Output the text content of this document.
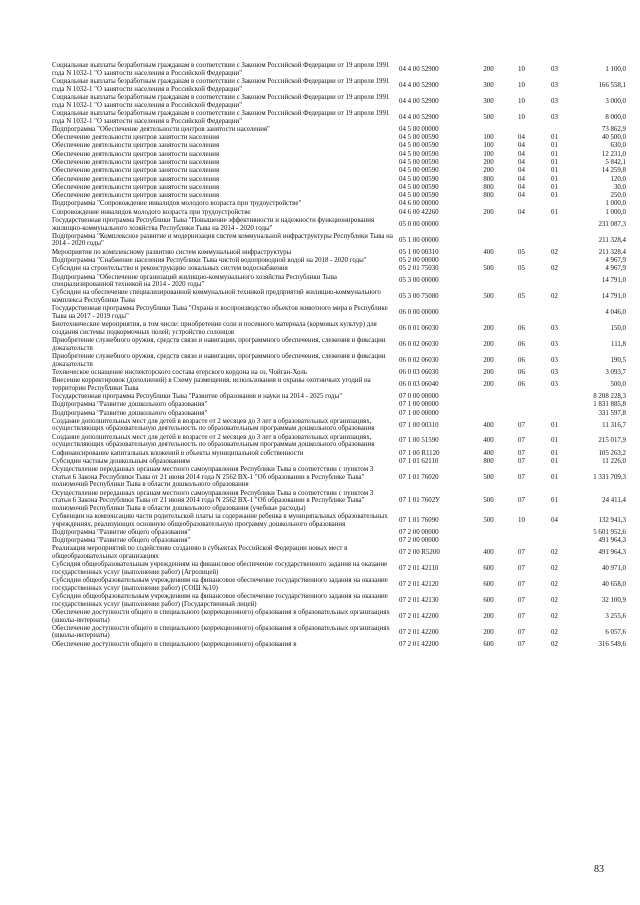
Социальные выплаты безработным гражданам в соответствии с Законом Российской Федерации от 19 апреля 1991 года N 1032-1 "О занятости населения в Российской Федерации"	04 4 00 52900	200	10	03	1 100,0
Социальные выплаты безработным гражданам в соответствии с Законом Российской Федерации от 19 апреля 1991 года N 1032-1 "О занятости населения в Российской Федерации"	04 4 00 52900	300	10	03	166 558,1
Социальные выплаты безработным гражданам в соответствии с Законом Российской Федерации от 19 апреля 1991 года N 1032-1 "О занятости населения в Российской Федерации"	04 4 00 52900	300	10	03	3 000,0
Социальные выплаты безработным гражданам в соответствии с Законом Российской Федерации от 19 апреля 1991 года N 1032-1 "О занятости населения в Российской Федерации"	04 4 00 52900	500	10	03	8 000,0
Подпрограмма "Обеспечение деятельности центров занятости населения"	04 5 00 00000				73 862,9
Обеспечение деятельности центров занятости населения	04 5 00 00590	100	04	01	40 500,0
Обеспечение деятельности центров занятости населения	04 5 00 00590	100	04	01	630,0
Обеспечение деятельности центров занятости населения	04 5 00 00590	100	04	01	12 231,0
Обеспечение деятельности центров занятости населения	04 5 00 00590	200	04	01	5 842,1
Обеспечение деятельности центров занятости населения	04 5 00 00590	200	04	01	14 259,8
Обеспечение деятельности центров занятости населения	04 5 00 00590	800	04	01	120,0
Обеспечение деятельности центров занятости населения	04 5 00 00590	800	04	01	30,0
Обеспечение деятельности центров занятости населения	04 5 00 00590	800	04	01	250,0
Подпрограмма "Сопровождение инвалидов молодого возраста при трудоустройстве"	04 6 00 00000				1 000,0
Сопровождение инвалидов молодого возраста при трудоустройстве	04 6 00 42260	200	04	01	1 000,0
Государственная программа Республики Тыва "Повышение эффективности и надежности функционирования жилищно-коммунального хозяйства Республики Тыва на 2014 - 2020 годы"	05 0 00 00000				231 087,3
Подпрограмма "Комплексное развитие и модернизация систем коммунальной инфраструктуры Республики Тыва на 2014 - 2020 годы"	05 1 00 00000				211 328,4
Мероприятия по комплексному развитию систем коммунальной инфраструктуры	05 1 00 00310	400	05	02	211 328,4
Подпрограмма "Снабжение населения Республики Тыва чистой водопроводной водой на 2018 - 2020 годы"	05 2 00 00000				4 967,9
Субсидии на строительство и реконструкцию локальных систем водоснабжения	05 2 01 75030	500	05	02	4 967,9
Подпрограмма "Обеспечение организаций жилищно-коммунального хозяйства Республики Тыва специализированной техникой на 2014 - 2020 годы"	05 3 00 00000				14 791,0
Субсидии на обеспечение специализированной коммунальной техникой предприятий жилищно-коммунального комплекса Республики Тыва	05 3 00 75080	500	05	02	14 791,0
Государственная программа Республики Тыва "Охрана и воспроизводство объектов животного мира в Республике Тыва на 2017 - 2019 годы"	06 0 00 00000				4 046,0
Биотехнические мероприятия, в том числе: приобретение соли и посевного материала (кормовых культур) для создания системы подкормочных полей; устройство солонцов	06 0 01 06030	200	06	03	150,0
Приобретение служебного оружия, средств связи и навигации, программного обеспечения, слежения и фиксации доказательств	06 0 02 06030	200	06	03	111,8
Приобретение служебного оружия, средств связи и навигации, программного обеспечения, слежения и фиксации доказательств	06 0 02 06030	200	06	03	190,5
Техническое оснащение инспекторского состава егерского кордона на оз. Чойган-Холь	06 0 03 06030	200	06	03	3 093,7
Внесение корректировок (дополнений) в Схему размещения, использования и охраны охотничьих угодий на территории Республики Тыва	06 0 03 06040	200	06	03	500,0
Государственная программа Республики Тыва "Развитие образования и науки на 2014 - 2025 годы"	07 0 00 00000				8 208 228,3
Подпрограмма "Развитие дошкольного образования"	07 1 00 00000				1 831 885,8
Подпрограмма "Развитие дошкольного образования"	07 1 00 00000				331 597,8
Создание дополнительных мест для детей в возрасте от 2 месяцев до 3 лет в образовательных организациях, осуществляющих образовательную деятельность по образовательным программам дошкольного образования	07 1 00 00310	400	07	01	11 316,7
Создание дополнительных мест для детей в возрасте от 2 месяцев до 3 лет в образовательных организациях, осуществляющих образовательную деятельность по образовательным программам дошкольного образования	07 1 00 51590	400	07	01	215 017,9
Софинансирование капитальных вложений в объекты муниципальной собственности	07 1 00 R1120	400	07	01	105 263,2
Субсидии частным дошкольным образованиям	07 1 01 62110	800	07	01	11 226,0
Осуществление переданных органам местного самоуправления Республики Тыва в соответствии с пунктом 3 статьи 6 Закона Республики Тыва от 21 июня 2014 года N 2562 ВХ-1 "Об образовании в Республике Тыва" полномочий Республики Тыва в области дошкольного образования	07 1 01 76020	500	07	01	1 331 709,3
Осуществление переданных органам местного самоуправления Республики Тыва в соответствии с пунктом 3 статьи 6 Закона Республики Тыва от 21 июня 2014 года N 2562 ВХ-1 "Об образовании в Республике Тыва" полномочий Республики Тыва в области дошкольного образования (учебные расходы)	07 1 01 7602У	500	07	01	24 411,4
Субвенции на компенсацию части родительской платы за содержание ребенка в муниципальных образовательных учреждениях, реализующих основную общеобразовательную программу дошкольного образования	07 1 01 76090	500	10	04	132 941,3
Подпрограмма "Развитие общего образования"	07 2 00 00000				5 601 952,6
Подпрограмма "Развитие общего образования"	07 2 00 00000				491 964,3
Реализация мероприятий по содействию созданию в субъектах Российской Федерации новых мест в общеобразовательных организациях	07 2 00 R5200	400	07	02	491 964,3
Субсидия общеобразовательным учреждениям на финансовое обеспечение государственного задания на оказание государственных услуг (выполнение работ) (Агролицей)	07 2 01 42110	600	07	02	40 971,0
Субсидии общеобразовательным учреждениям на финансовое обеспечение государственного задания на оказание государственных услуг (выполнение работ) (СОШ №10)	07 2 01 42120	600	07	02	40 658,0
Субсидии общеобразовательным учреждениям на финансовое обеспечение государственного задания на оказание государственных услуг (выполнение работ) (Государственный лицей)	07 2 01 42130	600	07	02	32 100,9
Обеспечение доступности общего и специального (коррекционного) образования в образовательных организациях (школы-интернаты)	07 2 01 42200	200	07	02	3 255,6
Обеспечение доступности общего и специального (коррекционного) образования в образовательных организациях (школы-интернаты)	07 2 01 42200	200	07	02	6 057,6
Обеспечение доступности общего и специального (коррекционного) образования в	07 2 01 42200	600	07	02	316 549,6
83
